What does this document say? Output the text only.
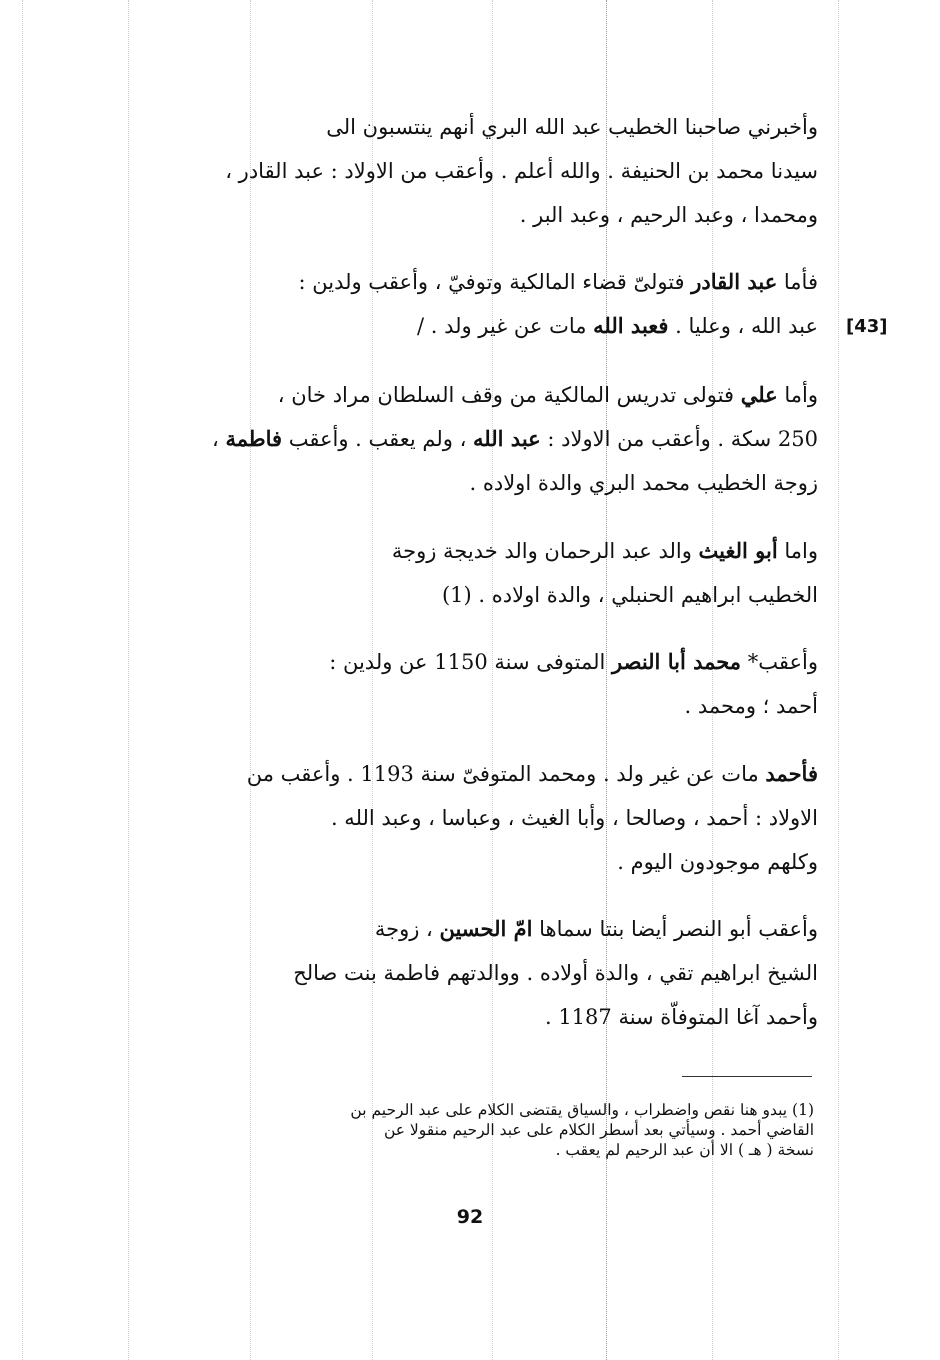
وأخبرني صاحبنا الخطيب عبد الله البري أنهم ينتسبون الى
سيدنا محمد بن الحنيفة . والله أعلم . وأعقب من الاولاد : عبد القادر ،
ومحمدا ، وعبد الرحيم ، وعبد البر .
فأما عبد القادر فتولىّ قضاء المالكية وتوفيّ ، وأعقب ولدين :
عبد الله ، وعليا . فعبد الله مات عن غير ولد . /
وأما علي فتولى تدريس المالكية من وقف السلطان مراد خان ،
250 سكة . وأعقب من الاولاد : عبد الله ، ولم يعقب . وأعقب فاطمة ،
زوجة الخطيب محمد البري والدة اولاده .
واما أبو الغيث والد عبد الرحمان والد خديجة زوجة
الخطيب ابراهيم الحنبلي ، والدة اولاده . (1)
وأعقب* محمد أبا النصر المتوفى سنة 1150 عن ولدين :
أحمد ؛ ومحمد .
فأحمد مات عن غير ولد . ومحمد المتوفىّ سنة 1193 . وأعقب من
الاولاد : أحمد ، وصالحا ، وأبا الغيث ، وعباسا ، وعبد الله .
وكلهم موجودون اليوم .
وأعقب أبو النصر أيضا بنتا سماها امّ الحسين ، زوجة
الشيخ ابراهيم تقي ، والدة أولاده . ووالدتهم فاطمة بنت صالح
وأحمد آغا المتوفاّة سنة 1187 .
[43]
(1) يبدو هنا نقص واضطراب ، والسياق يقتضى الكلام على عبد الرحيم بن
القاضي أحمد . وسيأتي بعد أسطر الكلام على عبد الرحيم منقولا عن
نسخة ( هـ ) الا أن عبد الرحيم لم يعقب .
92
